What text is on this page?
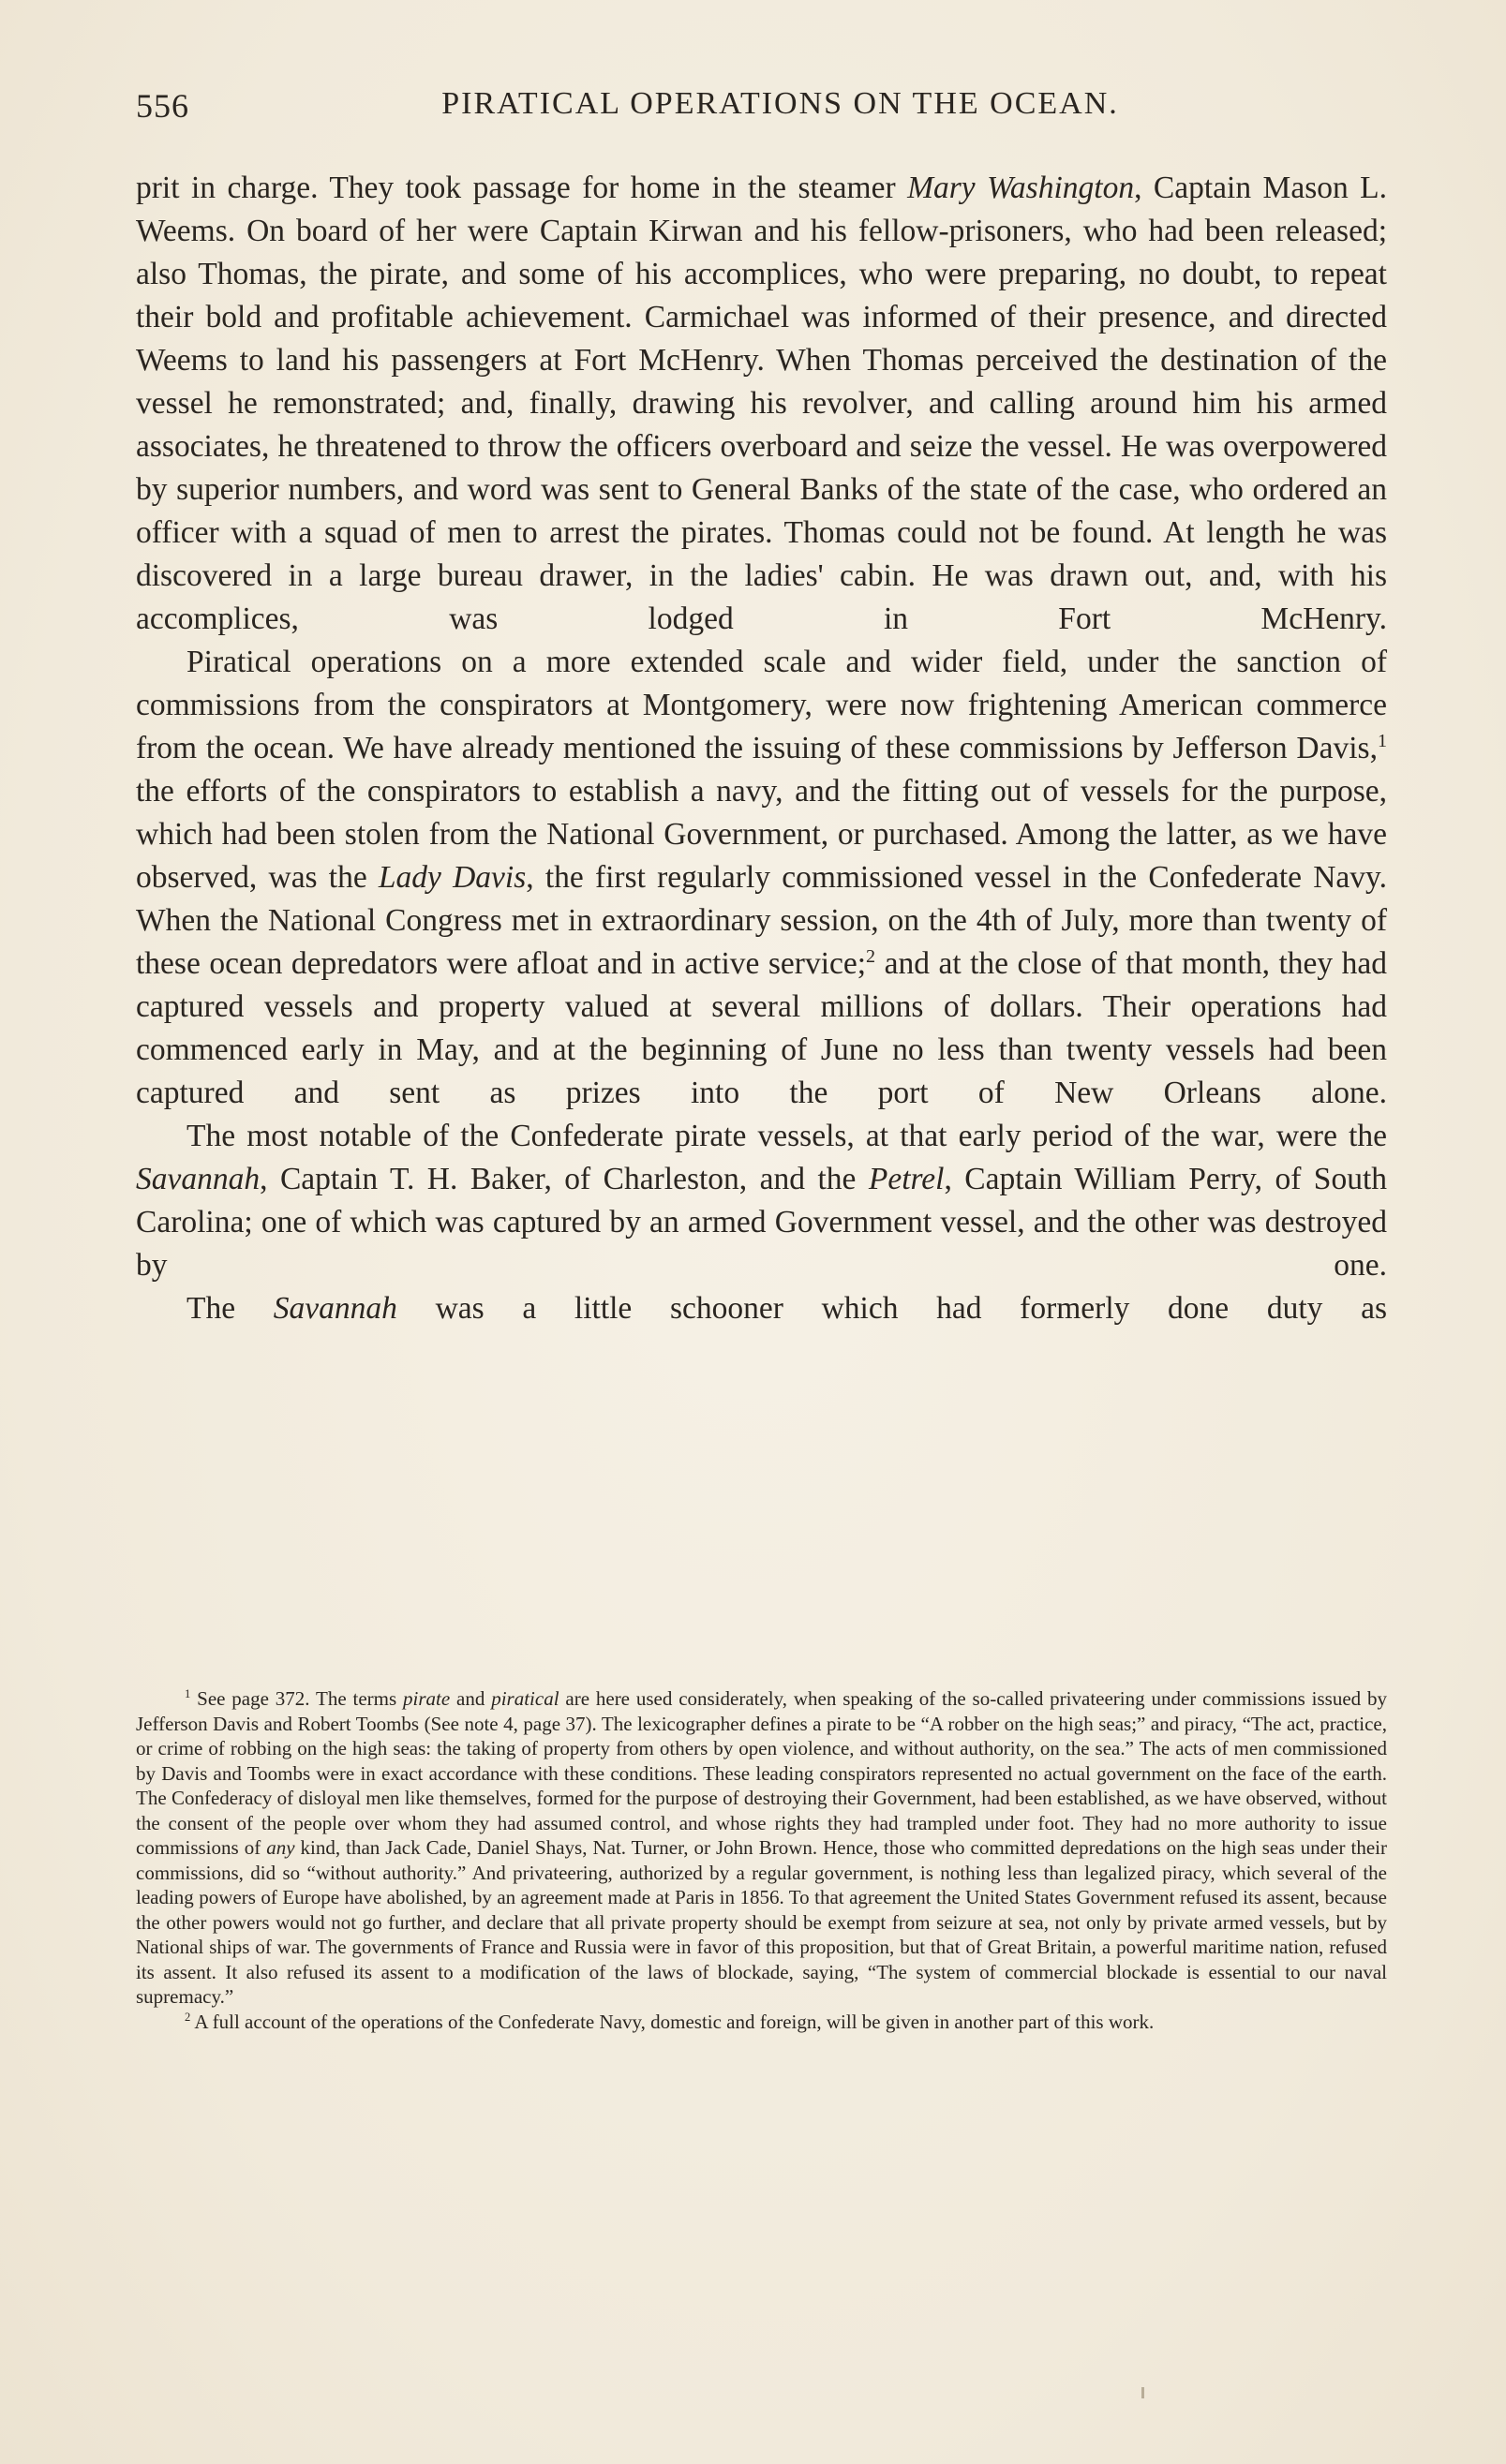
556	PIRATICAL OPERATIONS ON THE OCEAN.

prit in charge. They took passage for home in the steamer Mary Washington, Captain Mason L. Weems. On board of her were Captain Kirwan and his fellow-prisoners, who had been released; also Thomas, the pirate, and some of his accomplices, who were preparing, no doubt, to repeat their bold and profitable achievement. Carmichael was informed of their presence, and directed Weems to land his passengers at Fort McHenry. When Thomas perceived the destination of the vessel he remonstrated; and, finally, drawing his revolver, and calling around him his armed associates, he threatened to throw the officers overboard and seize the vessel. He was overpowered by superior numbers, and word was sent to General Banks of the state of the case, who ordered an officer with a squad of men to arrest the pirates. Thomas could not be found. At length he was discovered in a large bureau drawer, in the ladies' cabin. He was drawn out, and, with his accomplices, was lodged in Fort McHenry.

Piratical operations on a more extended scale and wider field, under the sanction of commissions from the conspirators at Montgomery, were now frightening American commerce from the ocean. We have already mentioned the issuing of these commissions by Jefferson Davis,$^1$ the efforts of the conspirators to establish a navy, and the fitting out of vessels for the purpose, which had been stolen from the National Government, or purchased. Among the latter, as we have observed, was the Lady Davis, the first regularly commissioned vessel in the Confederate Navy. When the National Congress met in extraordinary session, on the 4th of July, more than twenty of these ocean depredators were afloat and in active service;$^2$ and at the close of that month, they had captured vessels and property valued at several millions of dollars. Their operations had commenced early in May, and at the beginning of June no less than twenty vessels had been captured and sent as prizes into the port of New Orleans alone.

The most notable of the Confederate pirate vessels, at that early period of the war, were the Savannah, Captain T. H. Baker, of Charleston, and the Petrel, Captain William Perry, of South Carolina; one of which was captured by an armed Government vessel, and the other was destroyed by one.

The Savannah was a little schooner which had formerly done duty as

$^1$ See page 372. The terms pirate and piratical are here used considerately, when speaking of the so-called privateering under commissions issued by Jefferson Davis and Robert Toombs (See note 4, page 37). The lexicographer defines a pirate to be “A robber on the high seas;” and piracy, “The act, practice, or crime of robbing on the high seas: the taking of property from others by open violence, and without authority, on the sea.” The acts of men commissioned by Davis and Toombs were in exact accordance with these conditions. These leading conspirators represented no actual government on the face of the earth. The Confederacy of disloyal men like themselves, formed for the purpose of destroying their Government, had been established, as we have observed, without the consent of the people over whom they had assumed control, and whose rights they had trampled under foot. They had no more authority to issue commissions of any kind, than Jack Cade, Daniel Shays, Nat. Turner, or John Brown. Hence, those who committed depredations on the high seas under their commissions, did so “without authority.” And privateering, authorized by a regular government, is nothing less than legalized piracy, which several of the leading powers of Europe have abolished, by an agreement made at Paris in 1856. To that agreement the United States Government refused its assent, because the other powers would not go further, and declare that all private property should be exempt from seizure at sea, not only by private armed vessels, but by National ships of war. The governments of France and Russia were in favor of this proposition, but that of Great Britain, a powerful maritime nation, refused its assent. It also refused its assent to a modification of the laws of blockade, saying, “The system of commercial blockade is essential to our naval supremacy.”

$^2$ A full account of the operations of the Confederate Navy, domestic and foreign, will be given in another part of this work.
